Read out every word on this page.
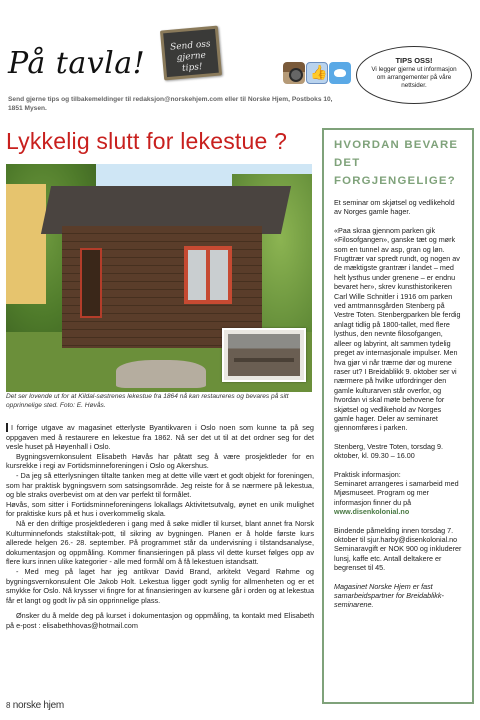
På tavla!	Send oss gjerne tips!
👍
TIPS OSS!
Vi legger gjerne ut informasjon om arrangementer på våre nettsider.
Send gjerne tips og tilbakemeldinger til redaksjon@norskehjem.com eller til Norske Hjem, Postboks 10, 1851 Mysen.
Lykkelig slutt for lekestue ?
Det ser lovende ut for at Kildal-søstrenes lekestue fra 1864 nå kan restaureres og bevares på sitt opprinnelige sted. Foto: E. Høvås.

I forrige utgave av magasinet etterlyste Byantikvaren i Oslo noen som kunne ta på seg oppgaven med å restaurere en lekestue fra 1862. Nå ser det ut til at det ordner seg for det vesle huset på Høyenhall i Oslo.

Bygningsvernkonsulent Elisabeth Høvås har påtatt seg å være prosjektleder for en kursrekke i regi av Fortidsminneforeningen i Oslo og Akershus.

- Da jeg så etterlysningen tiltalte tanken meg at dette ville vært et godt objekt for foreningen, som har praktisk bygningsvern som satsingsområde. Jeg reiste for å se nærmere på lekestua, og ble straks overbevist om at den var perfekt til formålet.

Høvås, som sitter i Fortidsminneforeningens lokallags Aktivitetsutvalg, øynet en unik mulighet for praktiske kurs på et hus i overkommelig skala.

Nå er den driftige prosjektlederen i gang med å søke midler til kurset, blant annet fra Norsk Kulturminnefonds stakstiltak-pott, til sikring av bygningen. Planen er å holde første kurs allerede helgen 26.- 28. september. På programmet står da undervisning i tilstandsanalyse, dokumentasjon og oppmåling. Kommer finansieringen på plass vil dette kurset følges opp av flere kurs innen ulike kategorier - alle med formål om å få lekestuen istandsatt.

- Med meg på laget har jeg antikvar David Brand, arkitekt Vegard Røhme og bygningsvernkonsulent Ole Jakob Holt. Lekestua ligger godt synlig for allmenheten og er et smykke for Oslo. Nå krysser vi fingre for at finansieringen av kursene går i orden og at lekestua får et langt og godt liv på sin opprinnelige plass.

Ønsker du å melde deg på kurset i dokumentasjon og oppmåling, ta kontakt med Elisabeth på e-post : elisabethhovas@hotmail.com

HVORDAN BEVARE DET FORGJENGELIGE?
Et seminar om skjøtsel og vedlikehold av Norges gamle hager.
«Paa skraa gjennom parken gik «Filosofgangen», ganske tæt og mørk som en tunnel av asp, gran og løn. Frugttrær var spredt rundt, og nogen av de mæktigste grantrær i landet – med helt lysthus under grenene – er endnu bevaret her», skrev kunsthistorikeren Carl Wille Schnitler i 1916 om parken ved amtmannsgården Stenberg på Vestre Toten. Stenbergparken ble ferdig anlagt tidlig på 1800-tallet, med flere lysthus, den nevnte filosofgangen, alleer og labyrint, alt sammen tydelig preget av internasjonale impulser. Men hva gjør vi når trærne dør og murene raser ut? I Breidablikk 9. oktober ser vi nærmere på hvilke utfordringer den gamle kulturarven står overfor, og hvordan vi skal møte behovene for skjøtsel og vedlikehold av Norges gamle hager. Deler av seminaret gjennomføres i parken.
Stenberg, Vestre Toten, torsdag 9. oktober, kl. 09.30 – 16.00
Praktisk informasjon:
Seminaret arrangeres i samarbeid med Mjøsmuseet. Program og mer informasjon finner du på
www.disenkolonial.no
Bindende påmelding innen torsdag 7. oktober til sjur.harby@disenkolonial.no Seminaravgift er NOK 900 og inkluderer lunsj, kaffe etc. Antall deltakere er begrenset til 45.
Magasinet Norske Hjem er fast samarbeidspartner for Breidablikk-seminarene.
8 norske hjem
